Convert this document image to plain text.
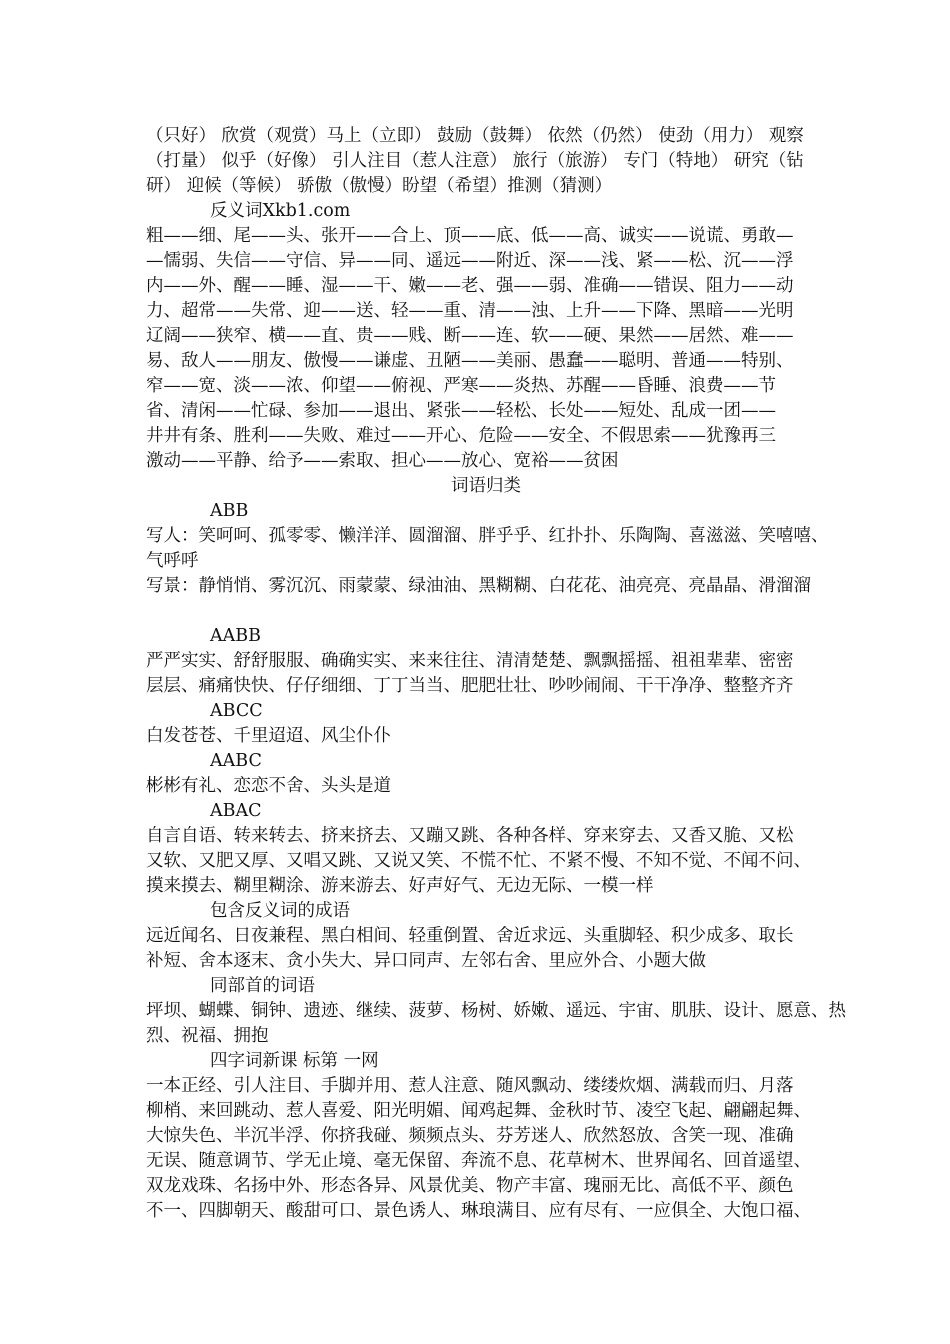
（只好） 欣赏（观赏）马上（立即） 鼓励（鼓舞） 依然（仍然） 使劲（用力） 观察
（打量） 似乎（好像） 引人注目（惹人注意） 旅行（旅游） 专门（特地） 研究（钻
研） 迎候（等候） 骄傲（傲慢）盼望（希望）推测（猜测）
反义词Xkb1.com
粗——细、尾——头、张开——合上、顶——底、低——高、诚实——说谎、勇敢—
—懦弱、失信——守信、异——同、遥远——附近、深——浅、紧——松、沉——浮
内——外、醒——睡、湿——干、嫩——老、强——弱、准确——错误、阻力——动
力、超常——失常、迎——送、轻——重、清——浊、上升——下降、黑暗——光明
辽阔——狭窄、横——直、贵——贱、断——连、软——硬、果然——居然、难——
易、敌人——朋友、傲慢——谦虚、丑陋——美丽、愚蠢——聪明、普通——特别、
窄——宽、淡——浓、仰望——俯视、严寒——炎热、苏醒——昏睡、浪费——节
省、清闲——忙碌、参加——退出、紧张——轻松、长处——短处、乱成一团——
井井有条、胜利——失败、难过——开心、危险——安全、不假思索——犹豫再三
激动——平静、给予——索取、担心——放心、宽裕——贫困
词语归类
ABB
写人：笑呵呵、孤零零、懒洋洋、圆溜溜、胖乎乎、红扑扑、乐陶陶、喜滋滋、笑嘻嘻、
气呼呼
写景：静悄悄、雾沉沉、雨蒙蒙、绿油油、黑糊糊、白花花、油亮亮、亮晶晶、滑溜溜
AABB
严严实实、舒舒服服、确确实实、来来往往、清清楚楚、飘飘摇摇、祖祖辈辈、密密
层层、痛痛快快、仔仔细细、丁丁当当、肥肥壮壮、吵吵闹闹、干干净净、整整齐齐
ABCC
白发苍苍、千里迢迢、风尘仆仆
AABC
彬彬有礼、恋恋不舍、头头是道
ABAC
自言自语、转来转去、挤来挤去、又蹦又跳、各种各样、穿来穿去、又香又脆、又松
又软、又肥又厚、又唱又跳、又说又笑、不慌不忙、不紧不慢、不知不觉、不闻不问、
摸来摸去、糊里糊涂、游来游去、好声好气、无边无际、一模一样
包含反义词的成语
远近闻名、日夜兼程、黑白相间、轻重倒置、舍近求远、头重脚轻、积少成多、取长
补短、舍本逐末、贪小失大、异口同声、左邻右舍、里应外合、小题大做
同部首的词语
坪坝、蝴蝶、铜钟、遗迹、继续、菠萝、杨树、娇嫩、遥远、宇宙、肌肤、设计、愿意、热
烈、祝福、拥抱
四字词新课 标第 一网
一本正经、引人注目、手脚并用、惹人注意、随风飘动、缕缕炊烟、满载而归、月落
柳梢、来回跳动、惹人喜爱、阳光明媚、闻鸡起舞、金秋时节、凌空飞起、翩翩起舞、
大惊失色、半沉半浮、你挤我碰、频频点头、芬芳迷人、欣然怒放、含笑一现、准确
无误、随意调节、学无止境、毫无保留、奔流不息、花草树木、世界闻名、回首遥望、
双龙戏珠、名扬中外、形态各异、风景优美、物产丰富、瑰丽无比、高低不平、颜色
不一、四脚朝天、酸甜可口、景色诱人、琳琅满目、应有尽有、一应俱全、大饱口福、
